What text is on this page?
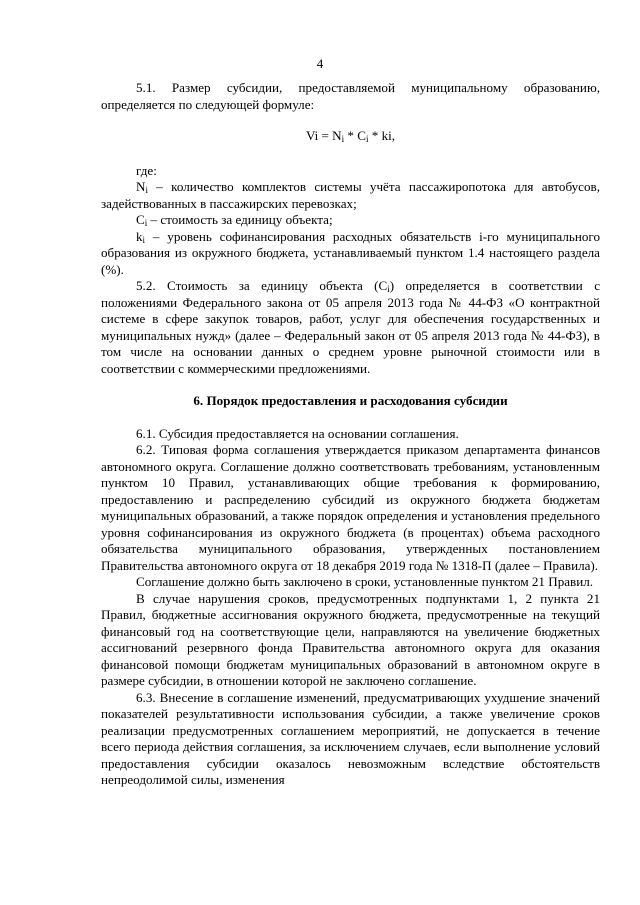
4

5.1. Размер субсидии, предоставляемой муниципальному образованию, определяется по следующей формуле:

$Vi = N_i * C_i$ * ki,

где:

$N_i$ – количество комплектов системы учёта пассажиропотока для автобусов, задействованных в пассажирских перевозках;

$C_i$ – стоимость за единицу объекта;

$k_i$ – уровень софинансирования расходных обязательств i-го муниципального образования из окружного бюджета, устанавливаемый пунктом 1.4 настоящего раздела (%).

5.2. Стоимость за единицу объекта $(C_i)$ определяется в соответствии с положениями Федерального закона от 05 апреля 2013 года № 44-ФЗ «О контрактной системе в сфере закупок товаров, работ, услуг для обеспечения государственных и муниципальных нужд» (далее – Федеральный закон от 05 апреля 2013 года № 44-ФЗ), в том числе на основании данных о среднем уровне рыночной стоимости или в соответствии с коммерческими предложениями.

6. Порядок предоставления и расходования субсидии

6.1. Субсидия предоставляется на основании соглашения.

6.2. Типовая форма соглашения утверждается приказом департамента финансов автономного округа. Соглашение должно соответствовать требованиям, установленным пунктом 10 Правил, устанавливающих общие требования к формированию, предоставлению и распределению субсидий из окружного бюджета бюджетам муниципальных образований, а также порядок определения и установления предельного уровня софинансирования из окружного бюджета (в процентах) объема расходного обязательства муниципального образования, утвержденных постановлением Правительства автономного округа от 18 декабря 2019 года № 1318-П (далее – Правила).

Соглашение должно быть заключено в сроки, установленные пунктом 21 Правил.

В случае нарушения сроков, предусмотренных подпунктами 1, 2 пункта 21 Правил, бюджетные ассигнования окружного бюджета, предусмотренные на текущий финансовый год на соответствующие цели, направляются на увеличение бюджетных ассигнований резервного фонда Правительства автономного округа для оказания финансовой помощи бюджетам муниципальных образований в автономном округе в размере субсидии, в отношении которой не заключено соглашение.

6.3. Внесение в соглашение изменений, предусматривающих ухудшение значений показателей результативности использования субсидии, а также увеличение сроков реализации предусмотренных соглашением мероприятий, не допускается в течение всего периода действия соглашения, за исключением случаев, если выполнение условий предоставления субсидии оказалось невозможным вследствие обстоятельств непреодолимой силы, изменения
